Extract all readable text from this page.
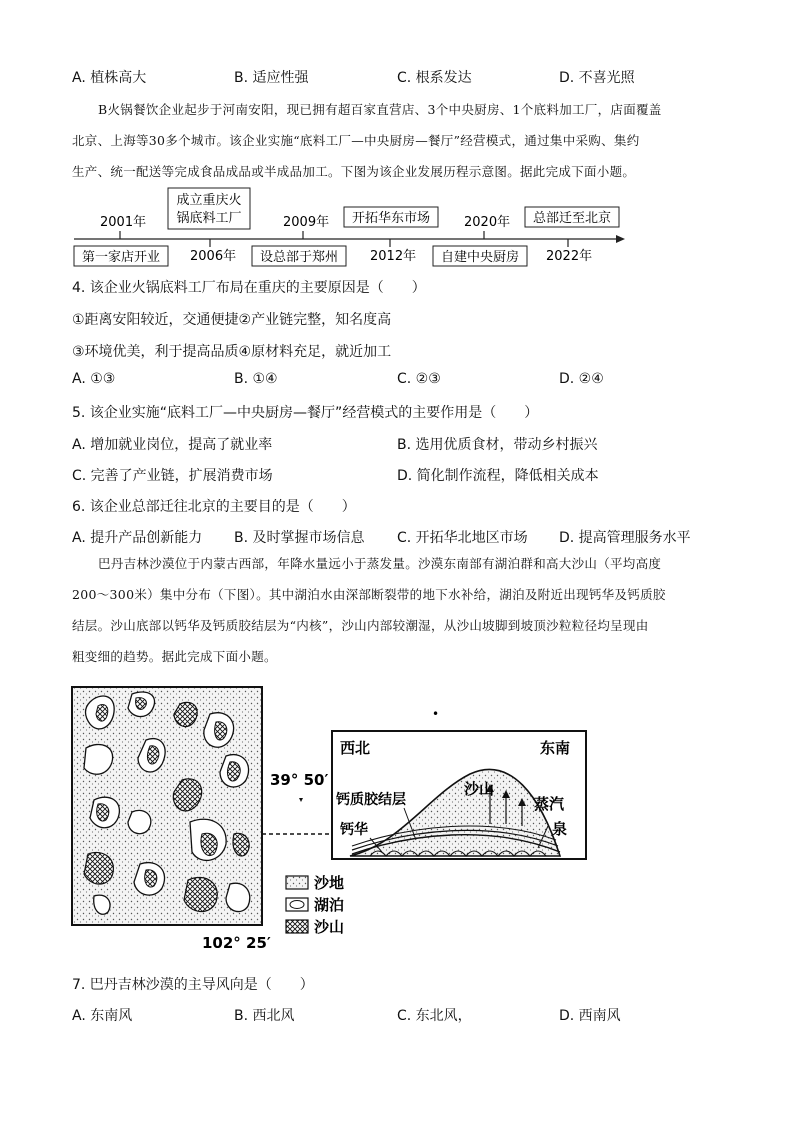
A. 植株高大	B. 适应性强	C. 根系发达	D. 不喜光照

B火锅餐饮企业起步于河南安阳，现已拥有超百家直营店、3个中央厨房、1个底料加工厂，店面覆盖

北京、上海等30多个城市。该企业实施“底料工厂—中央厨房—餐厅”经营模式，通过集中采购、集约

生产、统一配送等完成食品成品或半成品加工。下图为该企业发展历程示意图。据此完成下面小题。

2001年	2009年	2020年
成立重庆火
锅底料工厂	开拓华东市场	总部迁至北京
第一家店开业	设总部于郑州	自建中央厨房
2006年	2012年	2022年
4. 该企业火锅底料工厂布局在重庆的主要原因是（　　）
①距离安阳较近，交通便捷②产业链完整，知名度高
③环境优美，利于提高品质④原材料充足，就近加工
A. ①③	B. ①④	C. ②③	D. ②④
5. 该企业实施“底料工厂—中央厨房—餐厅”经营模式的主要作用是（　　）
A. 增加就业岗位，提高了就业率	B. 选用优质食材，带动乡村振兴
C. 完善了产业链，扩展消费市场	D. 简化制作流程，降低相关成本
6. 该企业总部迁往北京的主要目的是（　　）
A. 提升产品创新能力 B. 及时掌握市场信息 C. 开拓华北地区市场 D. 提高管理服务水平

巴丹吉林沙漠位于内蒙古西部，年降水量远小于蒸发量。沙漠东南部有湖泊群和高大沙山（平均高度

200～300米）集中分布（下图）。其中湖泊水由深部断裂带的地下水补给，湖泊及附近出现钙华及钙质胶

结层。沙山底部以钙华及钙质胶结层为“内核”，沙山内部较潮湿，从沙山坡脚到坡顶沙粒粒径均呈现由

粗变细的趋势。据此完成下面小题。

39° 50′
102° 25′
西北	东南
钙质胶结层
沙山
钙华
蒸汽
泉
•
沙地
湖泊
沙山
7. 巴丹吉林沙漠的主导风向是（　　）
A. 东南风	B. 西北风	C. 东北风，	D. 西南风
